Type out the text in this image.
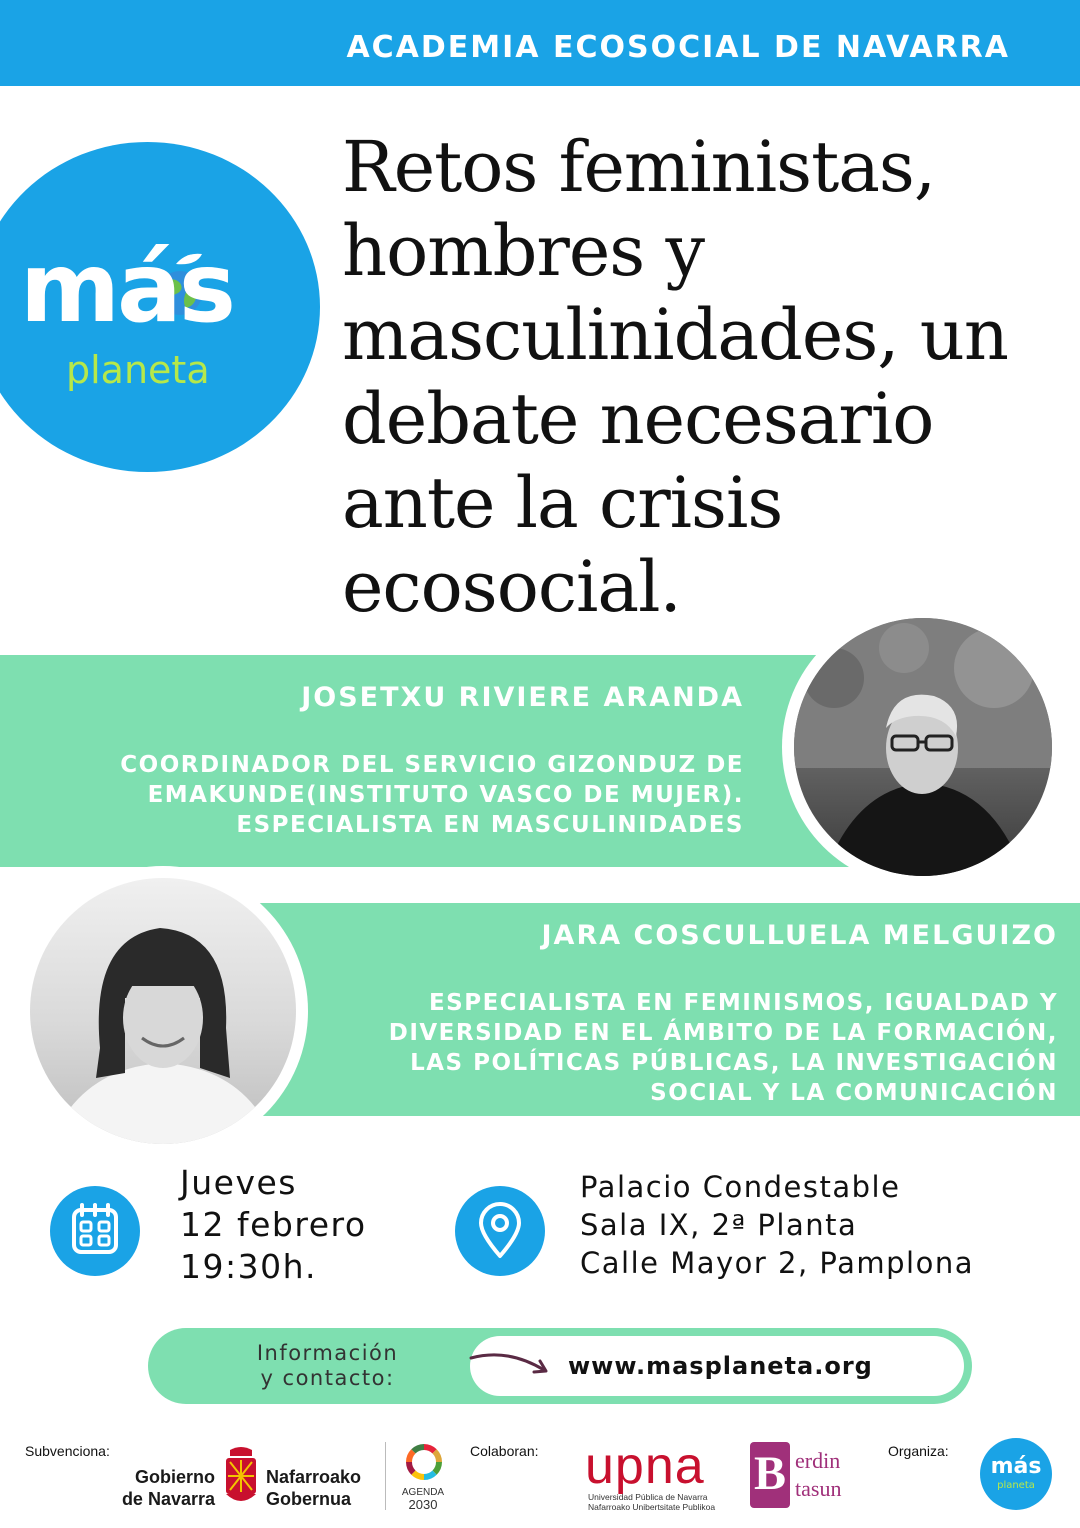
ACADEMIA ECOSOCIAL DE NAVARRA
más
planeta
Retos feministas, hombres y masculinidades, un debate necesario ante la crisis ecosocial.
JOSETXU RIVIERE ARANDA
COORDINADOR DEL SERVICIO GIZONDUZ DE
EMAKUNDE(INSTITUTO VASCO DE MUJER).
ESPECIALISTA EN MASCULINIDADES
JARA COSCULLUELA MELGUIZO
ESPECIALISTA EN FEMINISMOS, IGUALDAD Y
DIVERSIDAD EN EL ÁMBITO DE LA FORMACIÓN,
LAS POLÍTICAS PÚBLICAS, LA INVESTIGACIÓN
SOCIAL Y LA COMUNICACIÓN
Jueves
12 febrero
19:30h.
Palacio Condestable
Sala IX, 2ª Planta
Calle Mayor 2, Pamplona
Información
y contacto:	www.masplaneta.org
Subvenciona:	Colaboran:	Organiza:
Gobierno
de Navarra
Nafarroako
Gobernua	AGENDA
2030
upna
Universidad Pública de Navarra
Nafarroako Unibertsitate Publikoa
B erdin
tasun
más
planeta
